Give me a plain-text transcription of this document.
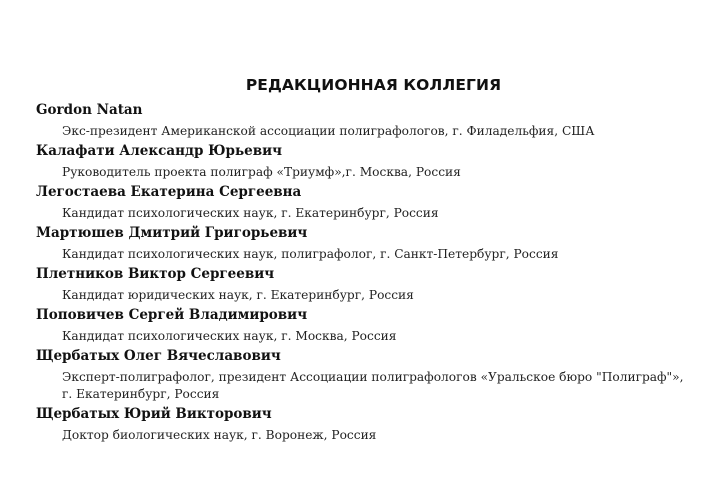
РЕДАКЦИОННАЯ КОЛЛЕГИЯ
Gordon Natan
Экс-президент Американской ассоциации полиграфологов, г. Филадельфия, США
Калафати Александр Юрьевич
Руководитель проекта полиграф «Триумф»,г. Москва, Россия
Легостаева Екатерина Сергеевна
Кандидат психологических наук, г. Екатеринбург, Россия
Мартюшев Дмитрий Григорьевич
Кандидат психологических наук, полиграфолог, г. Санкт-Петербург, Россия
Плетников Виктор Сергеевич
Кандидат юридических наук, г. Екатеринбург, Россия
Поповичев Сергей Владимирович
Кандидат психологических наук, г. Москва, Россия
Щербатых Олег Вячеславович
Эксперт-полиграфолог, президент Ассоциации полиграфологов «Уральское бюро "Полиграф"»,
г. Екатеринбург, Россия
Щербатых Юрий Викторович
Доктор биологических наук, г. Воронеж, Россия
